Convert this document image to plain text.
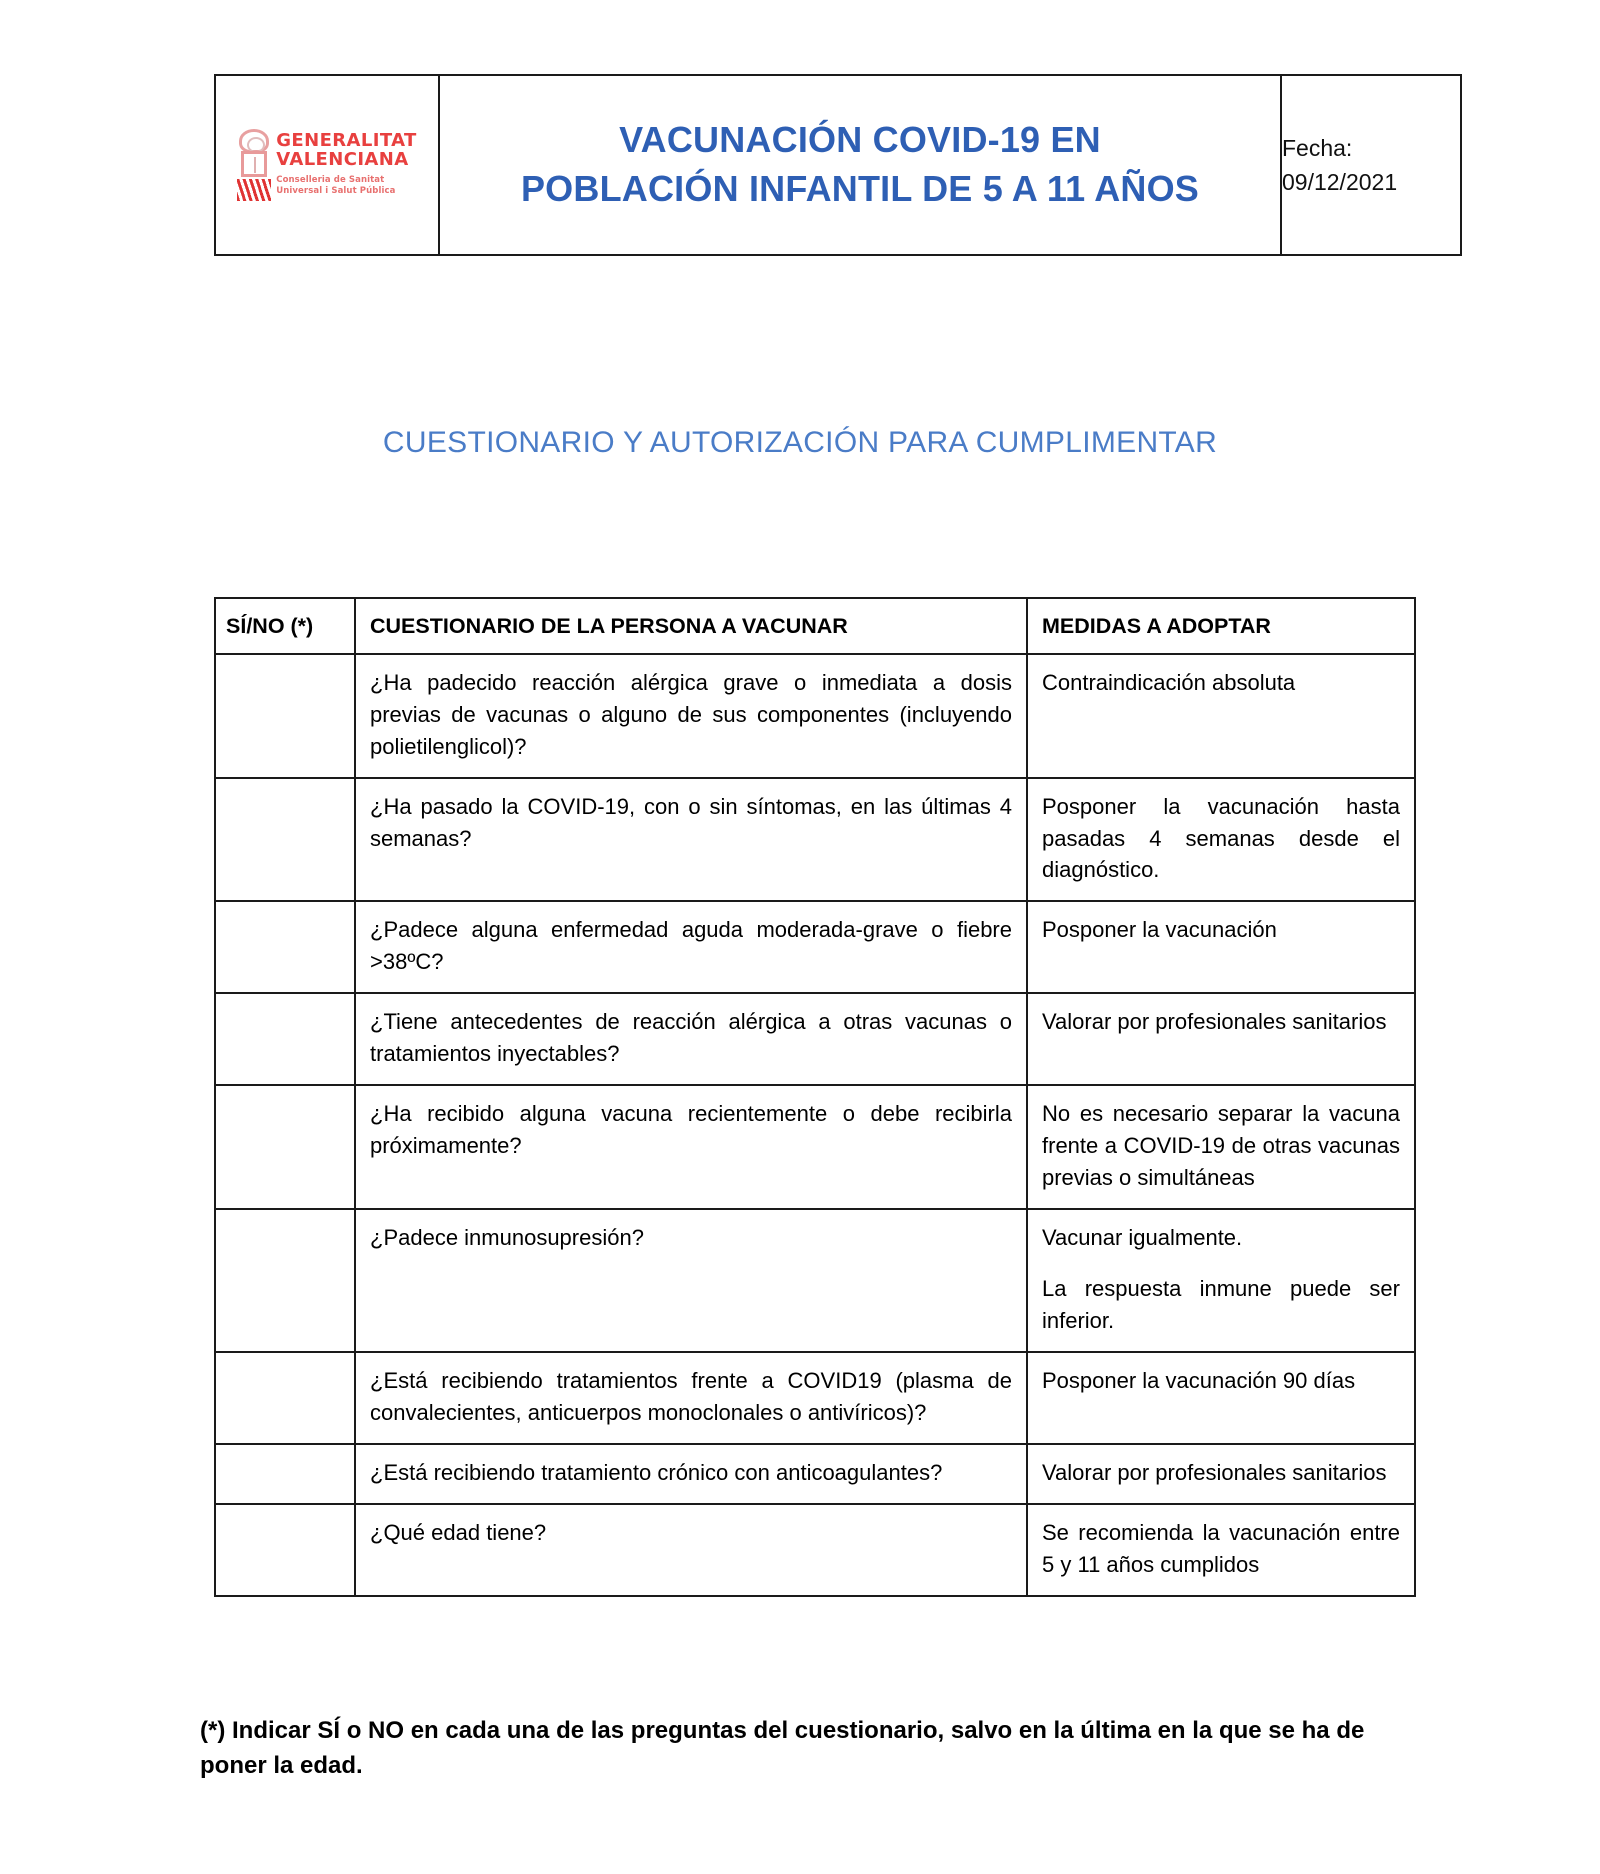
GENERALITAT
VALENCIANA
Conselleria de Sanitat
Universal i Salut Pública

VACUNACIÓN COVID-19 EN
POBLACIÓN INFANTIL DE 5 A 11 AÑOS

Fecha:
09/12/2021
CUESTIONARIO Y AUTORIZACIÓN PARA CUMPLIMENTAR
SÍ/NO (*)	CUESTIONARIO DE LA PERSONA A VACUNAR	MEDIDAS A ADOPTAR

	¿Ha padecido reacción alérgica grave o inmediata a dosis previas de vacunas o alguno de sus componentes (incluyendo polietilenglicol)?	Contraindicación absoluta

	¿Ha pasado la COVID-19, con o sin síntomas, en las últimas 4 semanas?	Posponer la vacunación hasta pasadas 4 semanas desde el diagnóstico.

	¿Padece alguna enfermedad aguda moderada-grave o fiebre >38ºC?	Posponer la vacunación

	¿Tiene antecedentes de reacción alérgica a otras vacunas o tratamientos inyectables?	Valorar por profesionales sanitarios

	¿Ha recibido alguna vacuna recientemente o debe recibirla próximamente?	No es necesario separar la vacuna frente a COVID-19 de otras vacunas previas o simultáneas

	¿Padece inmunosupresión?	Vacunar igualmente.

La respuesta inmune puede ser inferior.

	¿Está recibiendo tratamientos frente a COVID19 (plasma de convalecientes, anticuerpos monoclonales o antivíricos)?	Posponer la vacunación 90 días

	¿Está recibiendo tratamiento crónico con anticoagulantes?	Valorar por profesionales sanitarios

	¿Qué edad tiene?	Se recomienda la vacunación entre 5 y 11 años cumplidos

(*) Indicar SÍ o NO en cada una de las preguntas del cuestionario, salvo en la última en la que se ha de poner la edad.
